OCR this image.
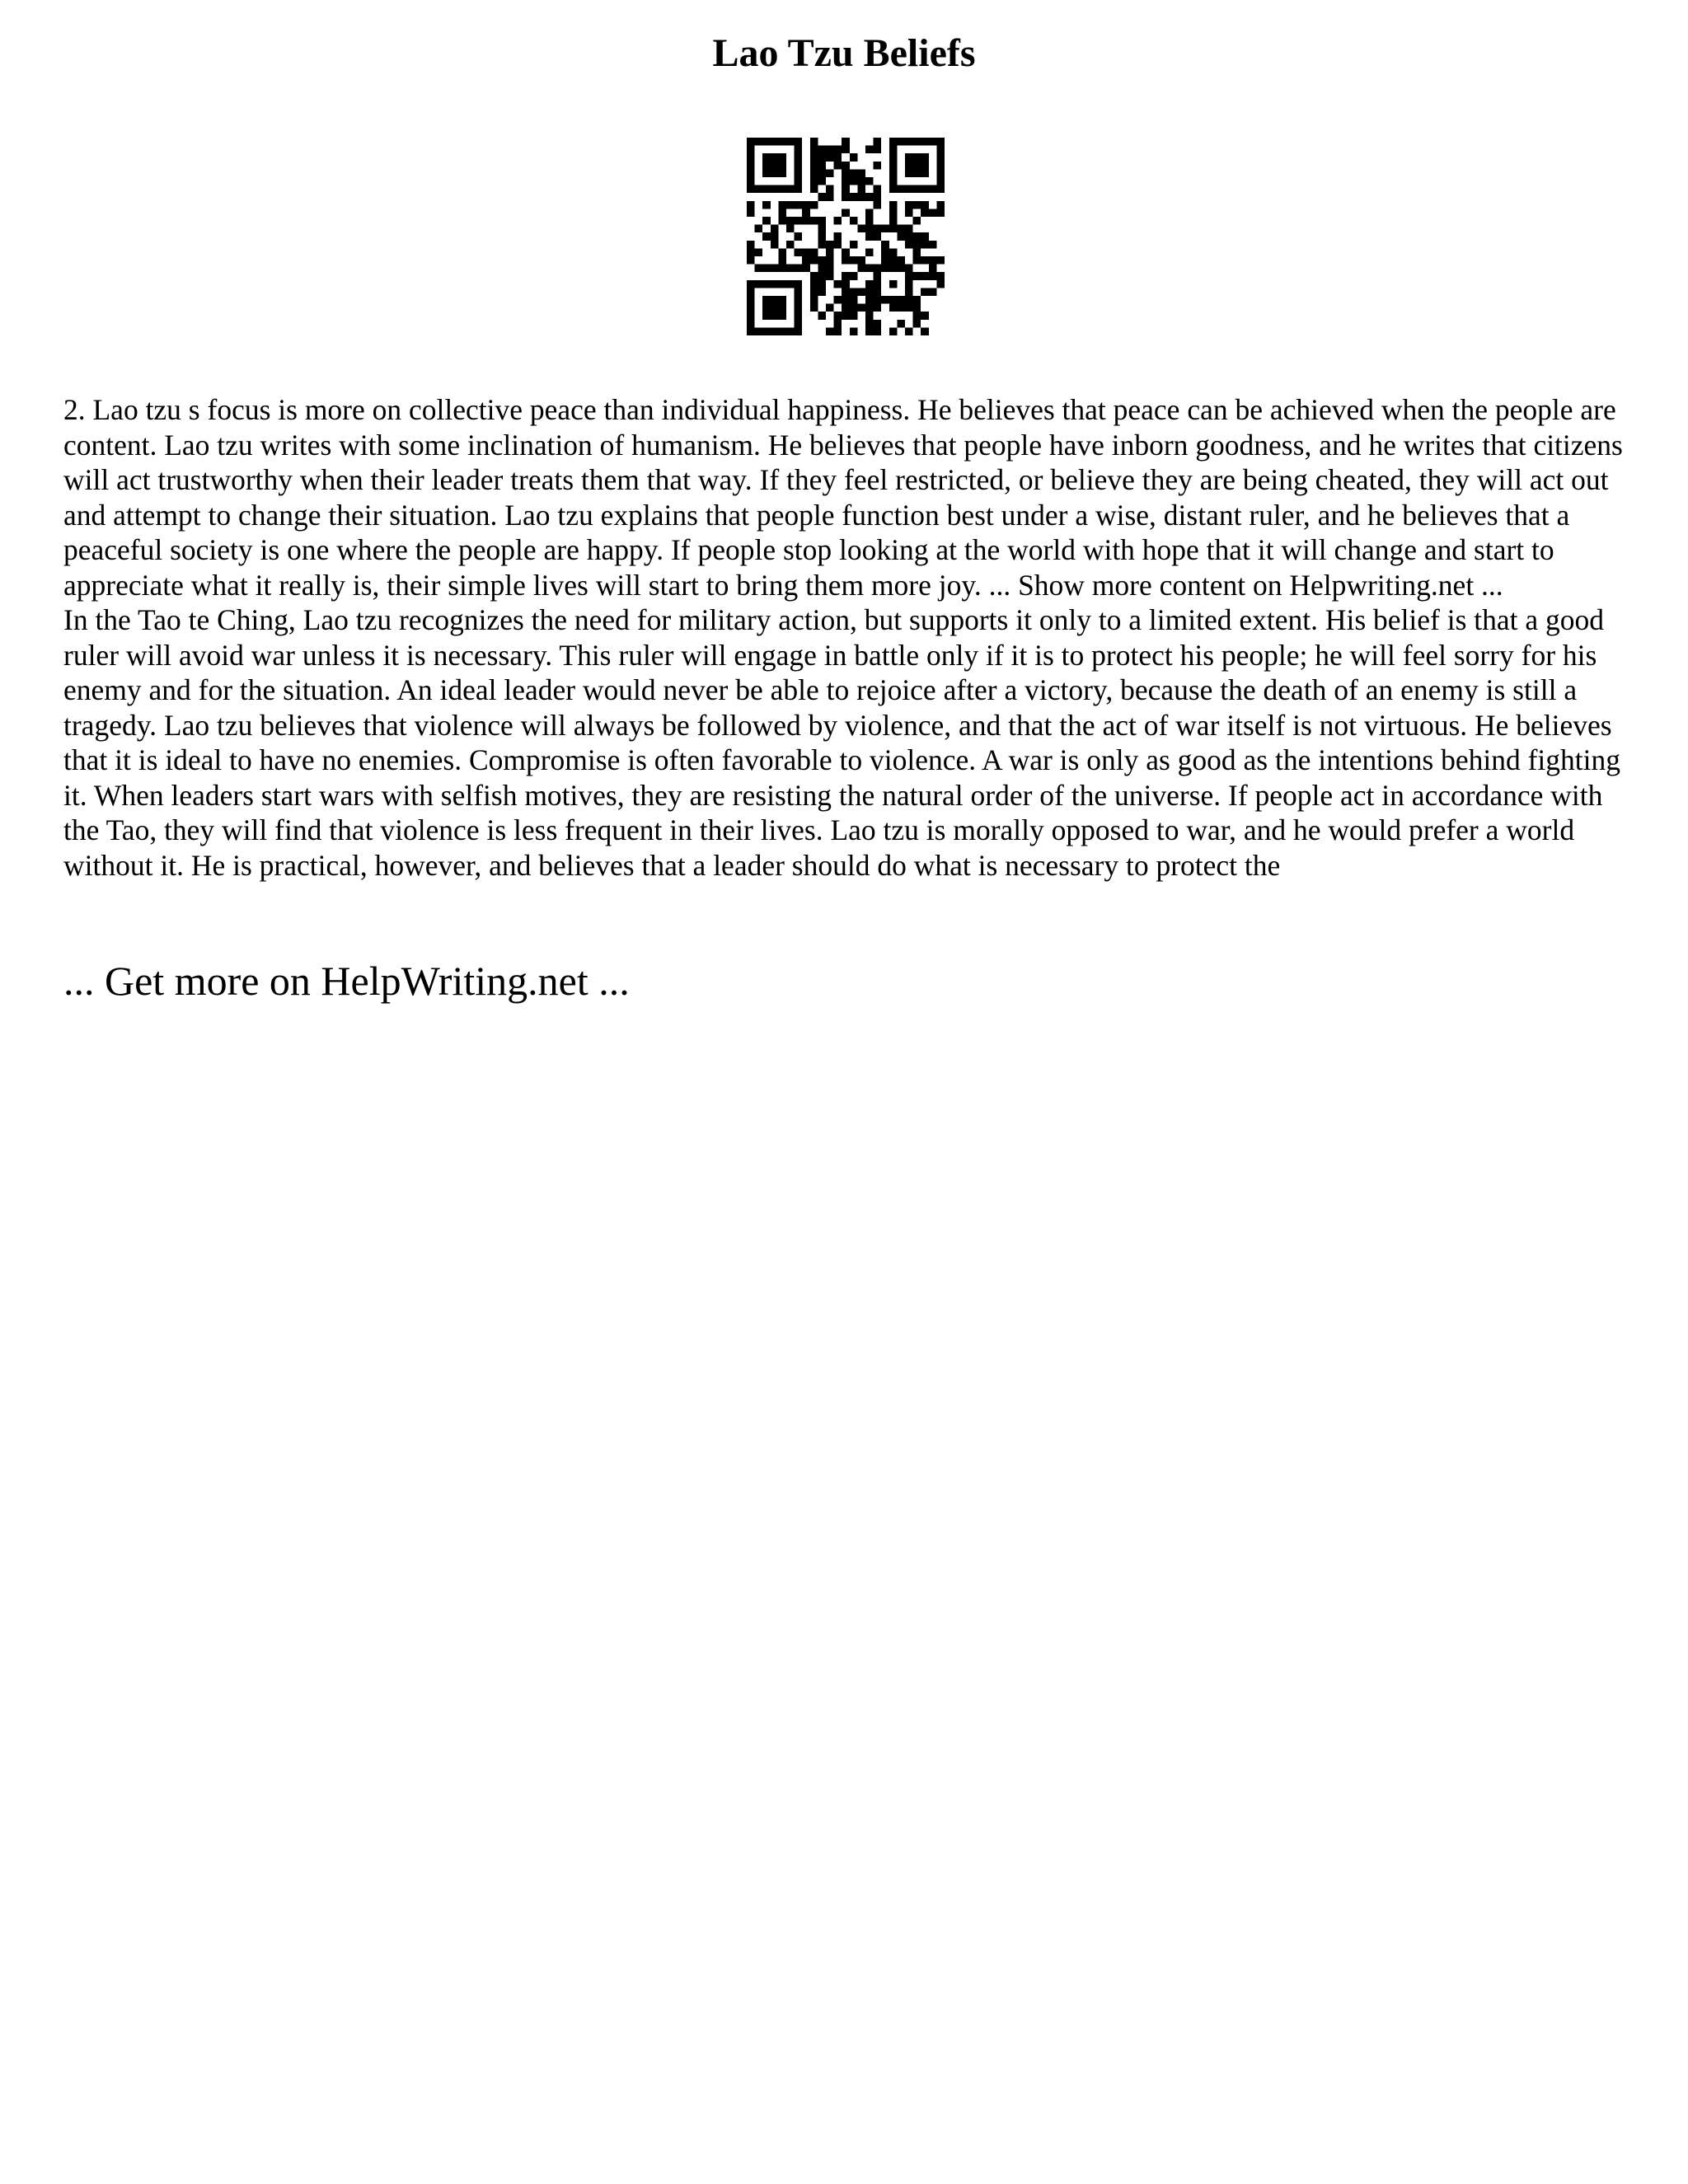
Lao Tzu Beliefs

2. Lao tzu s focus is more on collective peace than individual happiness. He believes that peace can be achieved when the people are content. Lao tzu writes with some inclination of humanism. He believes that people have inborn goodness, and he writes that citizens will act trustworthy when their leader treats them that way. If they feel restricted, or believe they are being cheated, they will act out and attempt to change their situation. Lao tzu explains that people function best under a wise, distant ruler, and he believes that a peaceful society is one where the people are happy. If people stop looking at the world with hope that it will change and start to appreciate what it really is, their simple lives will start to bring them more joy. ... Show more content on Helpwriting.net ...

In the Tao te Ching, Lao tzu recognizes the need for military action, but supports it only to a limited extent. His belief is that a good ruler will avoid war unless it is necessary. This ruler will engage in battle only if it is to protect his people; he will feel sorry for his enemy and for the situation. An ideal leader would never be able to rejoice after a victory, because the death of an enemy is still a tragedy. Lao tzu believes that violence will always be followed by violence, and that the act of war itself is not virtuous. He believes that it is ideal to have no enemies. Compromise is often favorable to violence. A war is only as good as the intentions behind fighting it. When leaders start wars with selfish motives, they are resisting the natural order of the universe. If people act in accordance with the Tao, they will find that violence is less frequent in their lives. Lao tzu is morally opposed to war, and he would prefer a world without it. He is practical, however, and believes that a leader should do what is necessary to protect the

... Get more on HelpWriting.net ...
